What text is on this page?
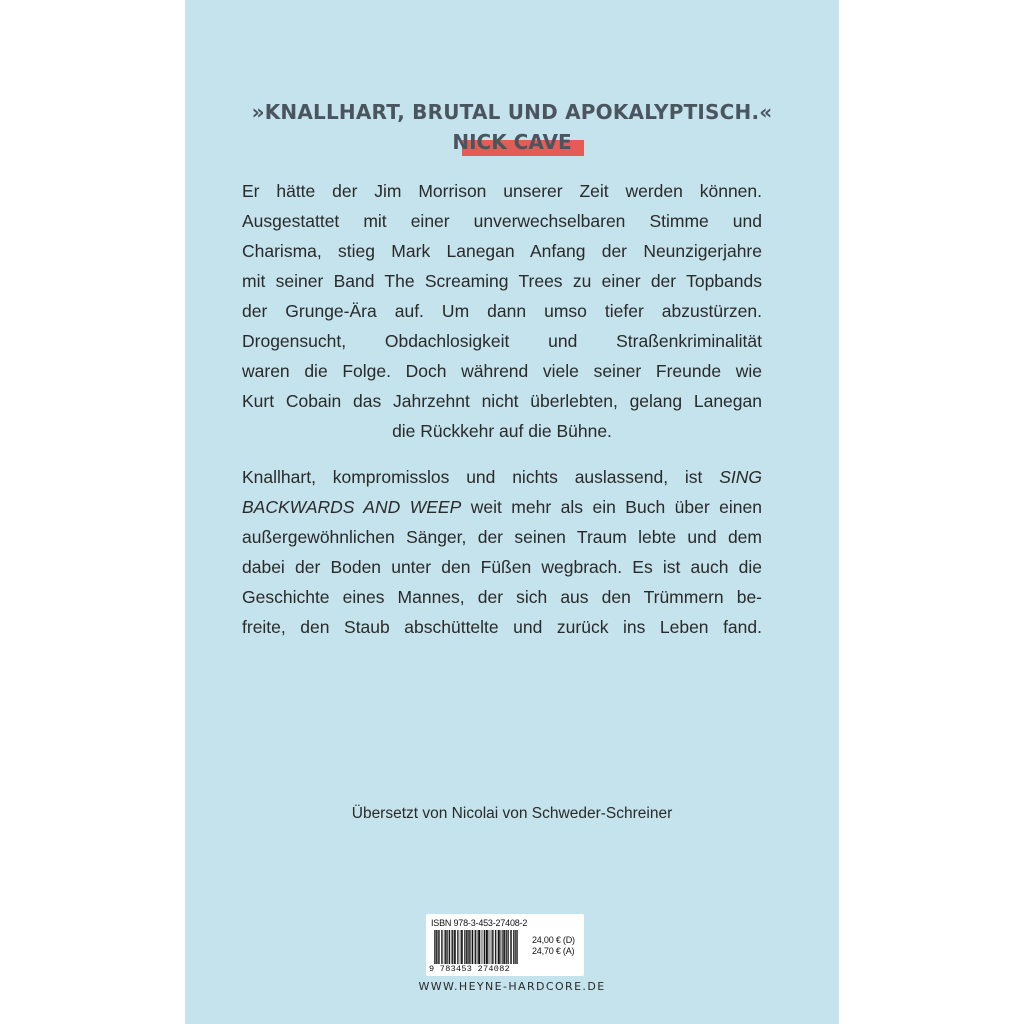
»KNALLHART, BRUTAL UND APOKALYPTISCH.«
NICK CAVE
Er hätte der Jim Morrison unserer Zeit werden können.
Ausgestattet mit einer unverwechselbaren Stimme und
Charisma, stieg Mark Lanegan Anfang der Neunzigerjahre
mit seiner Band The Screaming Trees zu einer der Topbands
der Grunge-Ära auf. Um dann umso tiefer abzustürzen.
Drogensucht, Obdachlosigkeit und Straßenkriminalität
waren die Folge. Doch während viele seiner Freunde wie
Kurt Cobain das Jahrzehnt nicht überlebten, gelang Lanegan
die Rückkehr auf die Bühne.
Knallhart, kompromisslos und nichts auslassend, ist SING
BACKWARDS AND WEEP weit mehr als ein Buch über einen
außergewöhnlichen Sänger, der seinen Traum lebte und dem
dabei der Boden unter den Füßen wegbrach. Es ist auch die
Geschichte eines Mannes, der sich aus den Trümmern be-
freite, den Staub abschüttelte und zurück ins Leben fand.
Übersetzt von Nicolai von Schweder-Schreiner
ISBN 978-3-453-27408-2
9 783453 274082
24,00 € (D)
24,70 € (A)
WWW.HEYNE-HARDCORE.DE
